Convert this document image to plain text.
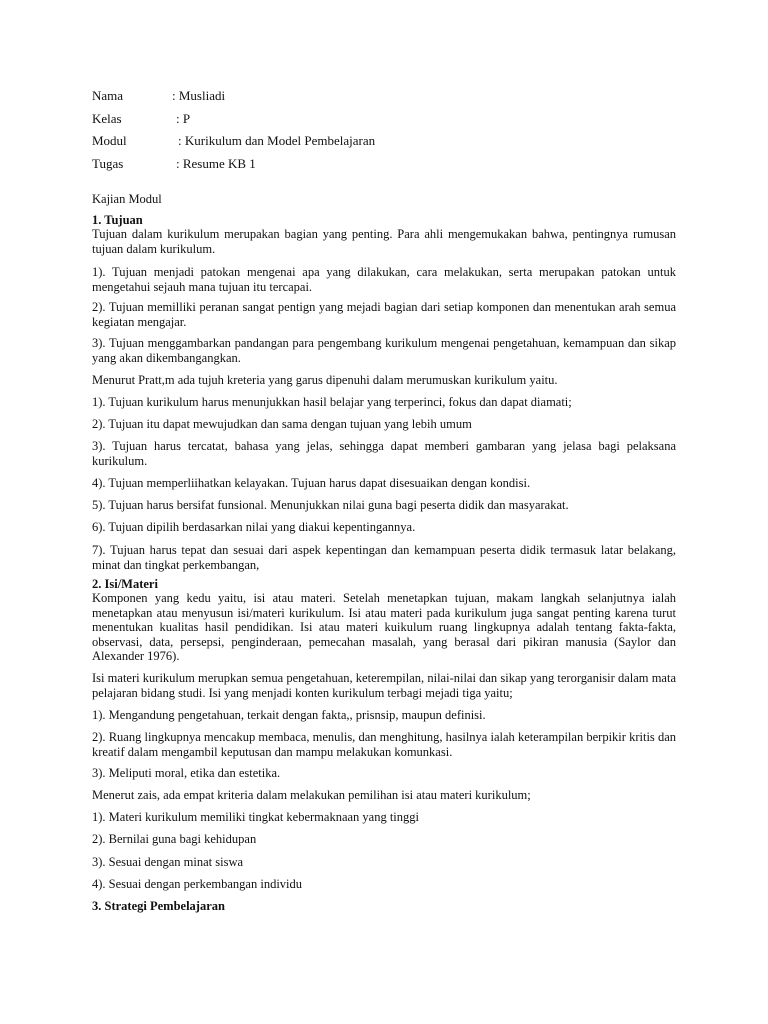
Nama	: Musliadi
Kelas	: P
Modul	: Kurikulum dan Model Pembelajaran
Tugas	: Resume KB 1
Kajian Modul
1. Tujuan
Tujuan dalam kurikulum merupakan bagian yang penting. Para ahli mengemukakan bahwa, pentingnya rumusan tujuan dalam kurikulum.
1). Tujuan menjadi patokan mengenai apa yang dilakukan, cara melakukan, serta merupakan patokan untuk mengetahui sejauh mana tujuan itu tercapai.
2). Tujuan memilliki peranan sangat pentign yang mejadi bagian dari setiap komponen dan menentukan arah semua kegiatan mengajar.
3). Tujuan menggambarkan pandangan para pengembang kurikulum mengenai pengetahuan, kemampuan dan sikap yang akan dikembangangkan.
Menurut Pratt,m ada tujuh kreteria yang garus dipenuhi dalam merumuskan kurikulum yaitu.
1). Tujuan kurikulum harus menunjukkan hasil belajar yang terperinci, fokus dan dapat diamati;
2). Tujuan itu dapat mewujudkan dan sama dengan tujuan yang lebih umum
3). Tujuan harus tercatat, bahasa yang jelas, sehingga dapat memberi gambaran yang jelasa bagi pelaksana kurikulum.
4). Tujuan memperliihatkan kelayakan. Tujuan harus dapat disesuaikan dengan kondisi.
5). Tujuan harus bersifat funsional. Menunjukkan nilai guna bagi peserta didik dan masyarakat.
6). Tujuan dipilih berdasarkan nilai yang diakui kepentingannya.
7). Tujuan harus tepat dan sesuai dari aspek kepentingan dan kemampuan peserta didik termasuk latar belakang, minat dan tingkat perkembangan,
2. Isi/Materi
Komponen yang kedu yaitu, isi atau materi. Setelah menetapkan tujuan, makam langkah selanjutnya ialah menetapkan atau menyusun isi/materi kurikulum. Isi atau materi pada kurikulum juga sangat penting karena turut menentukan kualitas hasil pendidikan. Isi atau materi kuikulum ruang lingkupnya adalah tentang fakta-fakta, observasi, data, persepsi, penginderaan, pemecahan masalah, yang berasal dari pikiran manusia (Saylor dan Alexander 1976).
Isi materi kurikulum merupkan semua pengetahuan, keterempilan, nilai-nilai dan sikap yang terorganisir dalam mata pelajaran bidang studi. Isi yang menjadi konten kurikulum terbagi mejadi tiga yaitu;
1). Mengandung pengetahuan, terkait dengan fakta,, prisnsip, maupun definisi.
2). Ruang lingkupnya mencakup membaca, menulis, dan menghitung, hasilnya ialah keterampilan berpikir kritis dan kreatif dalam mengambil keputusan dan mampu melakukan komunkasi.
3). Meliputi moral, etika dan estetika.
Menerut zais, ada empat kriteria dalam melakukan pemilihan isi atau materi kurikulum;
1). Materi kurikulum memiliki tingkat kebermaknaan yang tinggi
2). Bernilai guna bagi kehidupan
3). Sesuai dengan minat siswa
4). Sesuai dengan perkembangan individu
3. Strategi Pembelajaran
